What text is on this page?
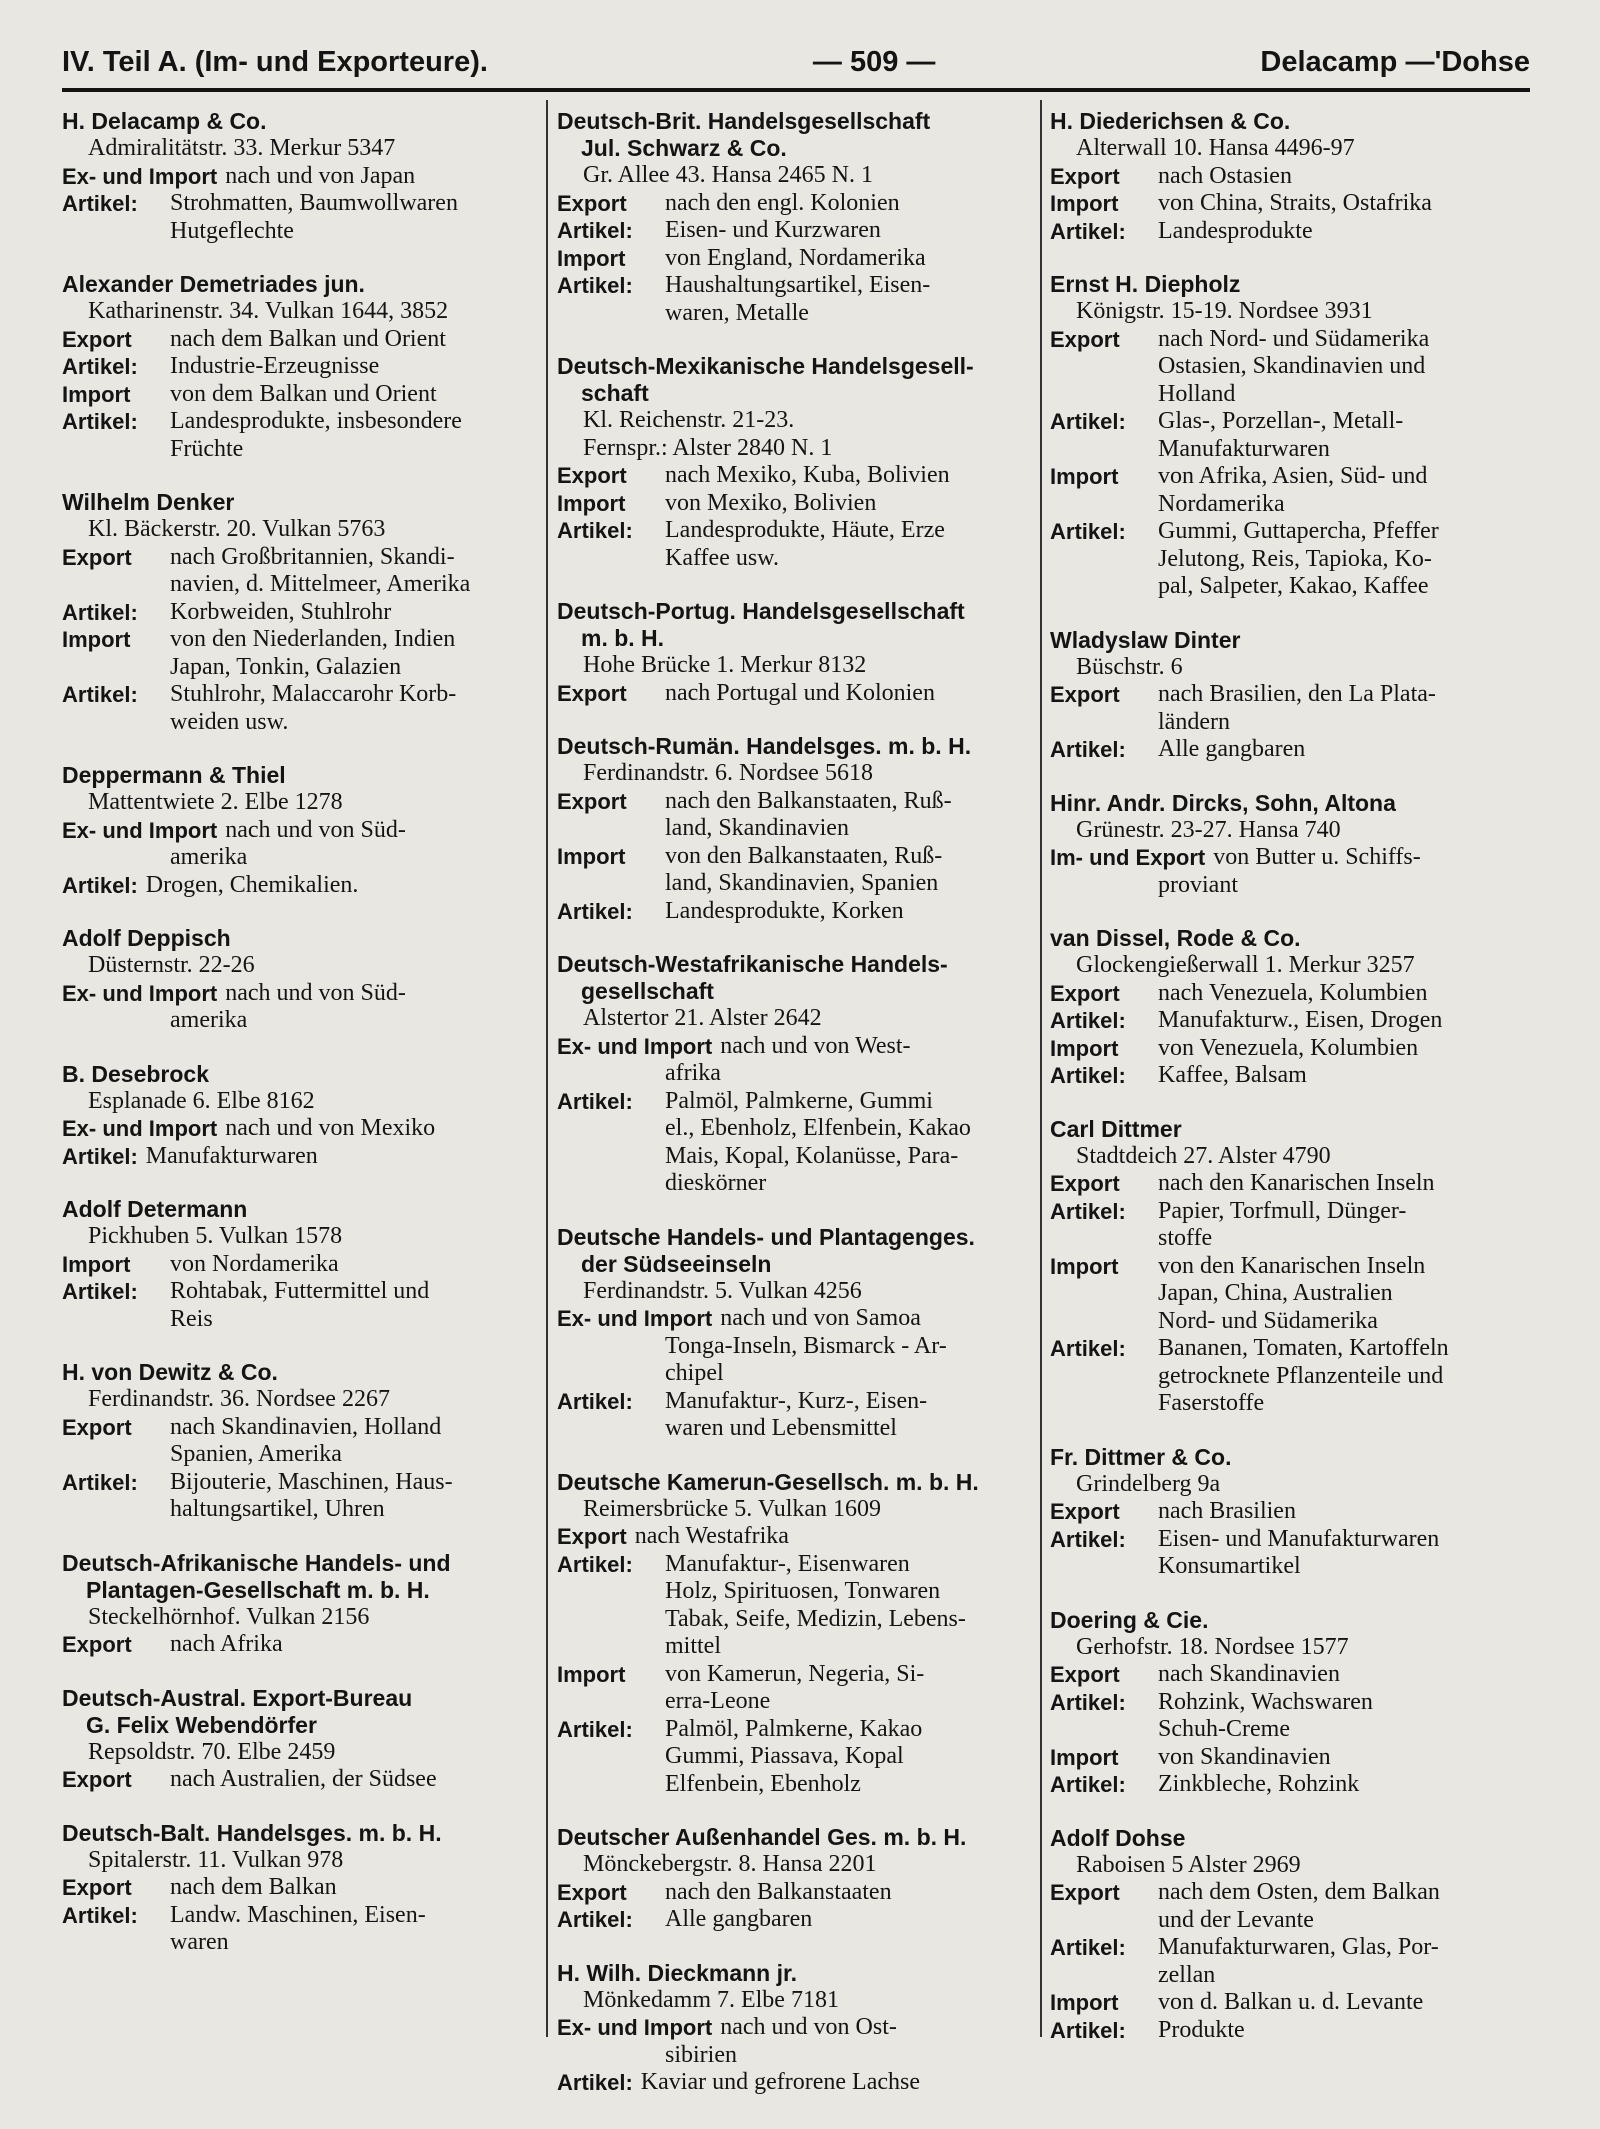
IV. Teil A. (Im- und Exporteure).	— 509 —	Delacamp —'Dohse
H. Delacamp & Co.
Admiralitätstr. 33. Merkur 5347
Ex- und Import nach und von Japan
Artikel:	Strohmatten, Baumwollwaren
Hutgeflechte
Alexander Demetriades jun.
Katharinenstr. 34. Vulkan 1644, 3852
Export	nach dem Balkan und Orient
Artikel:	Industrie-Erzeugnisse
Import	von dem Balkan und Orient
Artikel:	Landesprodukte, insbesondere
Früchte
Wilhelm Denker
Kl. Bäckerstr. 20. Vulkan 5763
Export	nach Großbritannien, Skandi-
navien, d. Mittelmeer, Amerika
Artikel:	Korbweiden, Stuhlrohr
Import	von den Niederlanden, Indien
Japan, Tonkin, Galazien
Artikel:	Stuhlrohr, Malaccarohr Korb-
weiden usw.
Deppermann & Thiel
Mattentwiete 2. Elbe 1278
Ex- und Import nach und von Süd-
amerika
Artikel: Drogen, Chemikalien.
Adolf Deppisch
Düsternstr. 22-26
Ex- und Import nach und von Süd-
amerika
B. Desebrock
Esplanade 6. Elbe 8162
Ex- und Import nach und von Mexiko
Artikel: Manufakturwaren
Adolf Determann
Pickhuben 5. Vulkan 1578
Import	von Nordamerika
Artikel:	Rohtabak, Futtermittel und
Reis
H. von Dewitz & Co.
Ferdinandstr. 36. Nordsee 2267
Export	nach Skandinavien, Holland
Spanien, Amerika
Artikel:	Bijouterie, Maschinen, Haus-
haltungsartikel, Uhren
Deutsch-Afrikanische Handels- und
Plantagen-Gesellschaft m. b. H.
Steckelhörnhof. Vulkan 2156
Export	nach Afrika
Deutsch-Austral. Export-Bureau
G. Felix Webendörfer
Repsoldstr. 70. Elbe 2459
Export	nach Australien, der Südsee
Deutsch-Balt. Handelsges. m. b. H.
Spitalerstr. 11. Vulkan 978
Export	nach dem Balkan
Artikel:	Landw. Maschinen, Eisen-
waren
Deutsch-Brit. Handelsgesellschaft
Jul. Schwarz & Co.
Gr. Allee 43. Hansa 2465 N. 1
Export	nach den engl. Kolonien
Artikel:	Eisen- und Kurzwaren
Import	von England, Nordamerika
Artikel:	Haushaltungsartikel, Eisen-
waren, Metalle
Deutsch-Mexikanische Handelsgesell-
schaft
Kl. Reichenstr. 21-23.
Fernspr.: Alster 2840 N. 1
Export	nach Mexiko, Kuba, Bolivien
Import	von Mexiko, Bolivien
Artikel:	Landesprodukte, Häute, Erze
Kaffee usw.
Deutsch-Portug. Handelsgesellschaft
m. b. H.
Hohe Brücke 1. Merkur 8132
Export	nach Portugal und Kolonien
Deutsch-Rumän. Handelsges. m. b. H.
Ferdinandstr. 6. Nordsee 5618
Export	nach den Balkanstaaten, Ruß-
land, Skandinavien
Import	von den Balkanstaaten, Ruß-
land, Skandinavien, Spanien
Artikel:	Landesprodukte, Korken
Deutsch-Westafrikanische Handels-
gesellschaft
Alstertor 21. Alster 2642
Ex- und Import nach und von West-
afrika
Artikel:	Palmöl, Palmkerne, Gummi
el., Ebenholz, Elfenbein, Kakao
Mais, Kopal, Kolanüsse, Para-
dieskörner
Deutsche Handels- und Plantagenges.
der Südseeinseln
Ferdinandstr. 5. Vulkan 4256
Ex- und Import nach und von Samoa
Tonga-Inseln, Bismarck - Ar-
chipel
Artikel:	Manufaktur-, Kurz-, Eisen-
waren und Lebensmittel
Deutsche Kamerun-Gesellsch. m. b. H.
Reimersbrücke 5. Vulkan 1609
Export nach Westafrika
Artikel:	Manufaktur-, Eisenwaren
Holz, Spirituosen, Tonwaren
Tabak, Seife, Medizin, Lebens-
mittel
Import	von Kamerun, Negeria, Si-
erra-Leone
Artikel:	Palmöl, Palmkerne, Kakao
Gummi, Piassava, Kopal
Elfenbein, Ebenholz
Deutscher Außenhandel Ges. m. b. H.
Mönckebergstr. 8. Hansa 2201
Export	nach den Balkanstaaten
Artikel:	Alle gangbaren
H. Wilh. Dieckmann jr.
Mönkedamm 7. Elbe 7181
Ex- und Import nach und von Ost-
sibirien
Artikel: Kaviar und gefrorene Lachse
H. Diederichsen & Co.
Alterwall 10. Hansa 4496-97
Export	nach Ostasien
Import	von China, Straits, Ostafrika
Artikel:	Landesprodukte
Ernst H. Diepholz
Königstr. 15-19. Nordsee 3931
Export	nach Nord- und Südamerika
Ostasien, Skandinavien und
Holland
Artikel:	Glas-, Porzellan-, Metall-
Manufakturwaren
Import	von Afrika, Asien, Süd- und
Nordamerika
Artikel:	Gummi, Guttapercha, Pfeffer
Jelutong, Reis, Tapioka, Ko-
pal, Salpeter, Kakao, Kaffee
Wladyslaw Dinter
Büschstr. 6
Export	nach Brasilien, den La Plata-
ländern
Artikel:	Alle gangbaren
Hinr. Andr. Dircks, Sohn, Altona
Grünestr. 23-27. Hansa 740
Im- und Export von Butter u. Schiffs-
proviant
van Dissel, Rode & Co.
Glockengießerwall 1. Merkur 3257
Export	nach Venezuela, Kolumbien
Artikel:	Manufakturw., Eisen, Drogen
Import	von Venezuela, Kolumbien
Artikel:	Kaffee, Balsam
Carl Dittmer
Stadtdeich 27. Alster 4790
Export	nach den Kanarischen Inseln
Artikel:	Papier, Torfmull, Dünger-
stoffe
Import	von den Kanarischen Inseln
Japan, China, Australien
Nord- und Südamerika
Artikel:	Bananen, Tomaten, Kartoffeln
getrocknete Pflanzenteile und
Faserstoffe
Fr. Dittmer & Co.
Grindelberg 9a
Export	nach Brasilien
Artikel:	Eisen- und Manufakturwaren
Konsumartikel
Doering & Cie.
Gerhofstr. 18. Nordsee 1577
Export	nach Skandinavien
Artikel:	Rohzink, Wachswaren
Schuh-Creme
Import	von Skandinavien
Artikel:	Zinkbleche, Rohzink
Adolf Dohse
Raboisen 5 Alster 2969
Export	nach dem Osten, dem Balkan
und der Levante
Artikel:	Manufakturwaren, Glas, Por-
zellan
Import	von d. Balkan u. d. Levante
Artikel:	Produkte
